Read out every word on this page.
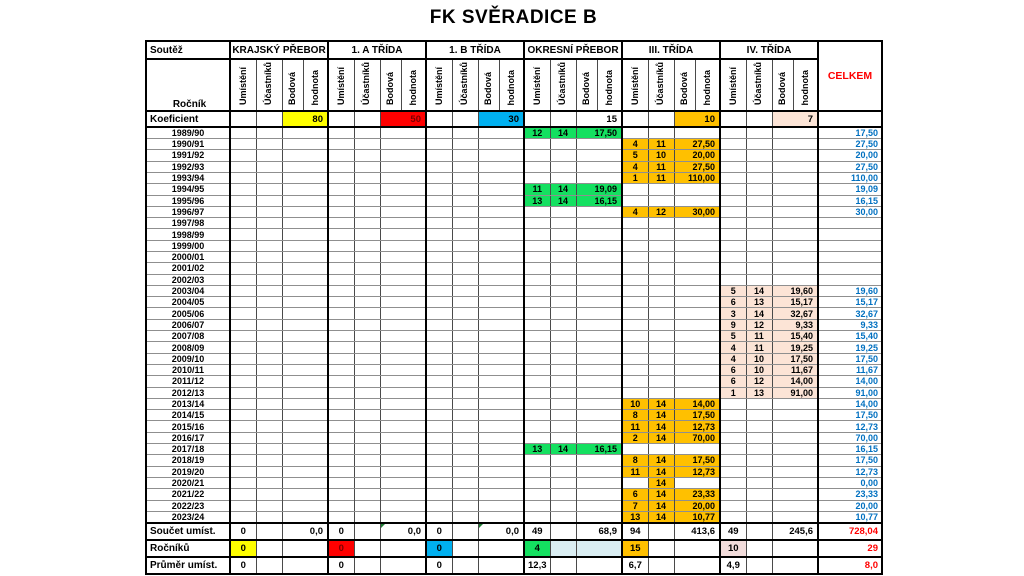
FK SVĚRADICE B
Soutěž	KRAJSKÝ PŘEBOR				1. A TŘÍDA				1. B TŘÍDA				OKRESNÍ PŘEBOR				III. TŘÍDA				IV. TŘÍDA				CELKEM
Ročník	Umístění	Účastníků	Bodová	hodnota	Umístění	Účastníků	Bodová	hodnota	Umístění	Účastníků	Bodová	hodnota	Umístění	Účastníků	Bodová	hodnota	Umístění	Účastníků	Bodová	hodnota	Umístění	Účastníků	Bodová	hodnota	
Koeficient			80				50				30				15				10				7		
1989/90													12	14	17,50										17,50
1990/91																	4	11	27,50						27,50
1991/92																	5	10	20,00						20,00
1992/93																	4	11	27,50						27,50
1993/94																	1	11	110,00						110,00
1994/95													11	14	19,09										19,09
1995/96													13	14	16,15										16,15
1996/97																	4	12	30,00						30,00
1997/98																									
1998/99																									
1999/00																									
2000/01																									
2001/02																									
2002/03																									
2003/04																					5	14	19,60		19,60
2004/05																					6	13	15,17		15,17
2005/06																					3	14	32,67		32,67
2006/07																					9	12	9,33		9,33
2007/08																					5	11	15,40		15,40
2008/09																					4	11	19,25		19,25
2009/10																					4	10	17,50		17,50
2010/11																					6	10	11,67		11,67
2011/12																					6	12	14,00		14,00
2012/13																					1	13	91,00		91,00
2013/14																	10	14	14,00						14,00
2014/15																	8	14	17,50						17,50
2015/16																	11	14	12,73						12,73
2016/17																	2	14	70,00						70,00
2017/18													13	14	16,15										16,15
2018/19																	8	14	17,50						17,50
2019/20																	11	14	12,73						12,73
2020/21																		14							0,00
2021/22																	6	14	23,33						23,33
2022/23																	7	14	20,00						20,00
2023/24																	13	14	10,77						10,77
Součet umíst.	0		0,0		0		0,0		0		0,0		49		68,9		94		413,6		49		245,6		728,04
Ročníků	0				0				0				4				15				10				29
Průměr umíst.	0				0				0				12,3				6,7				4,9				8,0
